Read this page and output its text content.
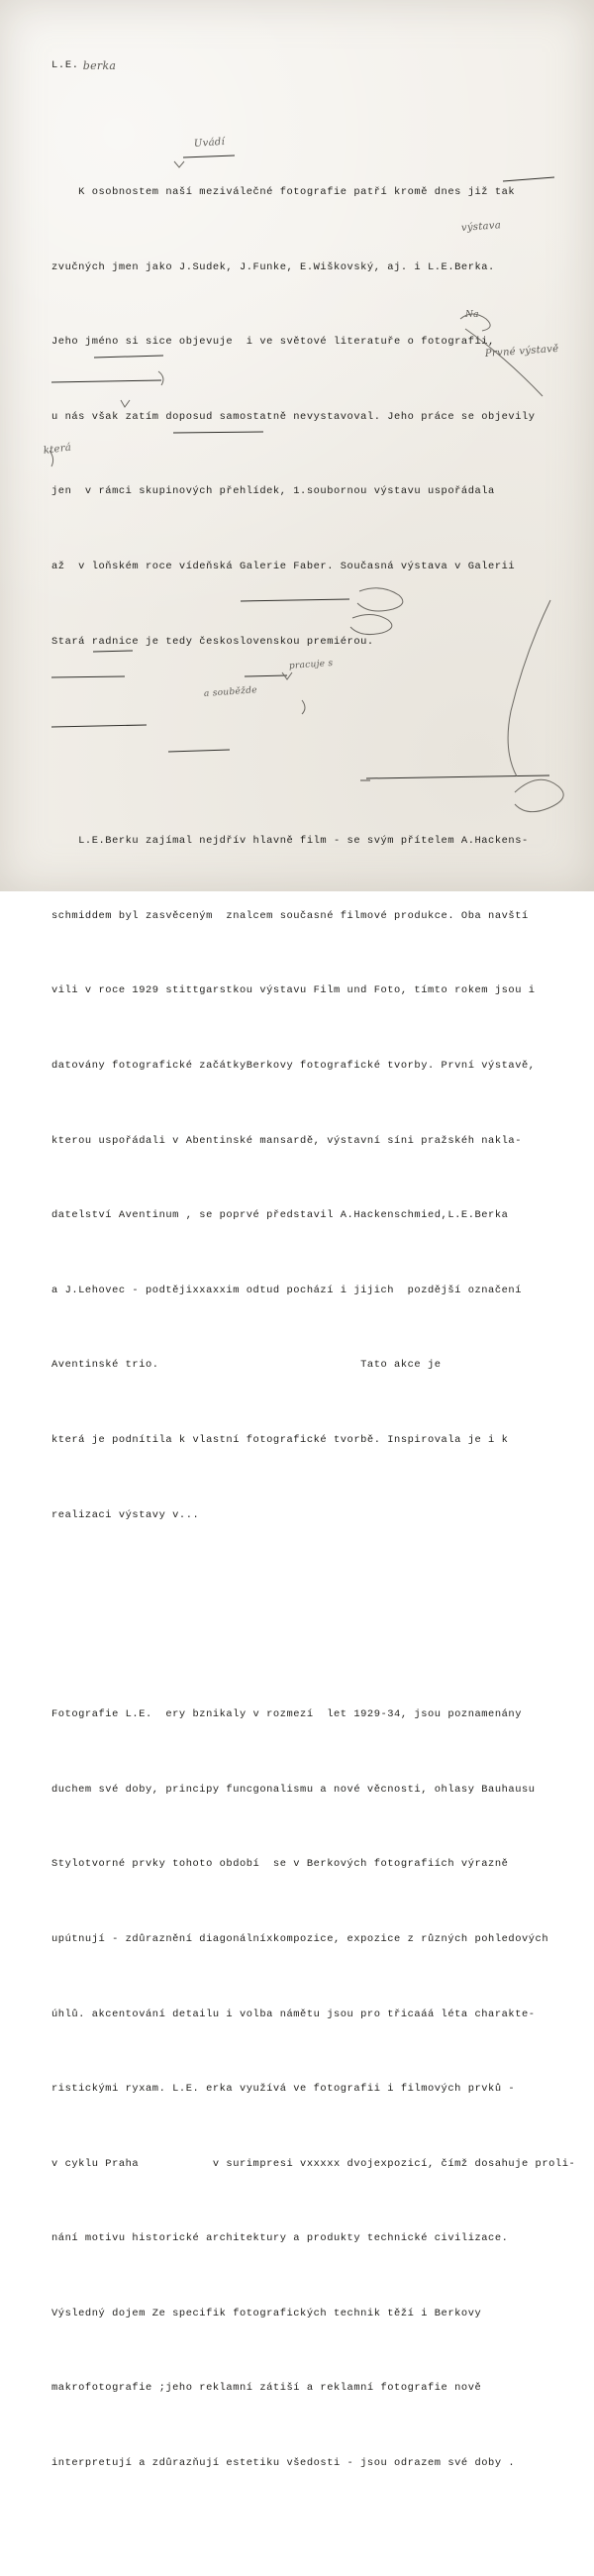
L.E. berka

K osobnostem naší meziválečné fotografie patří kromě dnes již tak

zvučných jmen jako J.Sudek, J.Funke, E.Wiškovský, aj. i L.E.Berka.

Jeho jméno si sice objevuje  i ve světové literatuře o fotografii,

u nás však zatím doposud samostatně nevystavoval. Jeho práce se objevily

jen  v rámci skupinových přehlídek, 1.soubornou výstavu uspořádala

až  v loňském roce vídeňská Galerie Faber. Současná výstava v Galerii

Stará radnice je tedy československou premiérou.

L.E.Berku zajímal nejdřív hlavně film - se svým přítelem A.Hackens-

schmiddem byl zasvěceným  znalcem současné filmové produkce. Oba navští

vili v roce 1929 stittgarstkou výstavu Film und Foto, tímto rokem jsou i

datovány fotografické začátkyBerkovy fotografické tvorby. První výstavě,

kterou uspořádali v Abentinské mansardě, výstavní síni pražskéh nakla-

datelství Aventinum , se poprvé představil A.Hackenschmied,L.E.Berka

a J.Lehovec - podtějixxaxxim odtud pochází i jijich  pozdější označení

Aventinské trio.                              Tato akce je

která je podnítila k vlastní fotografické tvorbě. Inspirovala je i k

realizaci výstavy v...

Fotografie L.E.  ery bznikaly v rozmezí  let 1929-34, jsou poznamenány

duchem své doby, principy funcgonalismu a nové věcnosti, ohlasy Bauhausu

Stylotvorné prvky tohoto období  se v Berkových fotografiích výrazně

upútnují - zdůraznění diagonálníxkompozice, expozice z různých pohledových

úhlů. akcentování detailu i volba námětu jsou pro třicaáá léta charakte-

ristickými ryxam. L.E. erka využívá ve fotografii i filmových prvků -

v cyklu Praha           v surimpresi vxxxxx dvojexpozicí, čímž dosahuje proli-

nání motivu historické architektury a produkty technické civilizace.

Výsledný dojem Ze specifik fotografických technik těží i Berkovy

makrofotografie ;jeho reklamní zátiší a reklamní fotografie nově

interpretují a zdůrazňují estetiku všedosti - jsou odrazem své doby .

Uvádí
výstava
Na
Prvné výstavě
která
pracuje s
a souběžde
